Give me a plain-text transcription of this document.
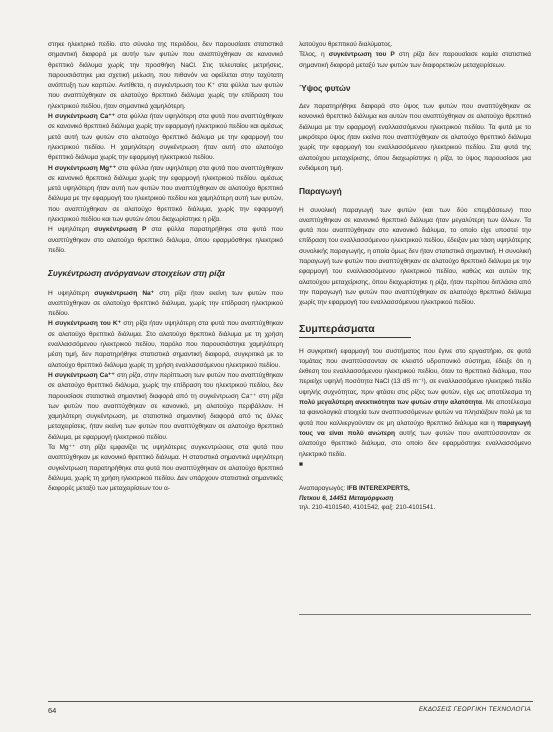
στηκε ηλεκτρικό πεδίο. στο σύνολο της περιόδου, δεν παρουσίασε στατιστικά σημαντική διαφορά με αυτήν των φυτών που αναπτύχθηκαν σε κανονικό θρεπτικό διάλυμα χωρίς την προσθήκη NaCl. Στις τελευταίες μετρήσεις, παρουσιάστηκε μια σχετική μείωση, που πιθανόν να οφείλεται στην ταχύτατη ανάπτυξη των καρπών. Αντίθετα, η συγκέντρωση του K⁺ στα φύλλα των φυτών που αναπτύχθηκαν σε αλατούχο θρεπτικό διάλυμα χωρίς την επίδραση του ηλεκτρικού πεδίου, ήταν σημαντικά χαμηλότερη.

Η συγκέντρωση Ca⁺⁺ στα φύλλα ήταν υψηλότερη στα φυτά που αναπτύχθηκαν σε κανονικό θρεπτικό διάλυμα χωρίς την εφαρμογή ηλεκτρικού πεδίου και αμέσως μετά αυτή των φυτών στο αλατούχο θρεπτικό διάλυμα με την εφαρμογή του ηλεκτρικού πεδίου. Η χαμηλότερη συγκέντρωση ήταν αυτή στο αλατούχο θρεπτικό διάλυμα χωρίς την εφαρμογή ηλεκτρικού πεδίου.

Η συγκέντρωση Mg⁺⁺ στα φύλλα ήταν υψηλότερη στα φυτά που αναπτύχθηκαν σε κανονικό θρεπτικό διάλυμα χωρίς την εφαρμογή ηλεκτρικού πεδίου. αμέσως μετά υψηλότερη ήταν αυτή των φυτών που αναπτύχθηκαν σε αλατούχο θρεπτικό διάλυμα με την εφαρμογή του ηλεκτρικού πεδίου και χαμηλότερη αυτή των φυτών, που αναπτύχθηκαν σε αλατούχο θρεπτικό διάλυμα, χωρίς την εφαρμογή ηλεκτρικού πεδίου και των φυτών όπου διαχωρίστηκε η ρίζα.

Η υψηλότερη συγκέντρωση P στα φύλλα παρατηρήθηκε στα φυτά που αναπτύχθηκαν στο αλατούχο θρεπτικό διάλυμα, όπου εφαρμόσθηκε ηλεκτρικό πεδίο.

Συγκέντρωση ανόργανων στοιχείων στη ρίζα

Η υψηλότερη συγκέντρωση Na⁺ στη ρίζα ήταν εκείνη των φυτών που αναπτύχθηκαν σε αλατούχο θρεπτικό διάλυμα, χωρίς την επίδραση ηλεκτρικού πεδίου.

Η συγκέντρωση του K⁺ στη ρίζα ήταν υψηλότερη στα φυτά που αναπτύχθηκαν σε αλατούχο θρεπτικό διάλυμα. Στο αλατούχο θρεπτικό διάλυμα με τη χρήση εναλλασσόμενου ηλεκτρικού πεδίου, παρόλο που παρουσιάστηκε χαμηλότερη μέση τιμή, δεν παρατηρήθηκε στατιστικά σημαντική διαφορά, συγκριτικά με το αλατούχο θρεπτικό διάλυμα χωρίς τη χρήση εναλλασσόμενου ηλεκτρικού πεδίου.

Η συγκέντρωση Ca⁺⁺ στη ρίζα, στην περίπτωση των φυτών που αναπτύχθηκαν σε αλατούχο θρεπτικό διάλυμα, χωρίς την επίδραση του ηλεκτρικού πεδίου, δεν παρουσίασε στατιστικά σημαντική διαφορά από τη συγκέντρωση Ca⁺⁺ στη ρίζα των φυτών που αναπτύχθηκαν σε κανονικό, μη αλατούχο περιβάλλον. Η χαμηλότερη συγκέντρωση, με στατιστικά σημαντική διαφορά από τις άλλες μεταχειρίσεις, ήταν εκείνη των φυτών που αναπτύχθηκαν σε αλατούχο θρεπτικό διάλυμα, με εφαρμογή ηλεκτρικού πεδίου.

Τα Mg⁺⁺ στη ρίζα εμφανίζει τις υψηλότερες συγκεντρώσεις στα φυτά που αναπτύχθηκαν με κανονικό θρεπτικό διάλυμα. Η στατιστικά σημαντικά υψηλότερη συγκέντρωση παρατηρήθηκε στα φυτά που αναπτύχθηκαν σε αλατούχο θρεπτικό διάλυμα, χωρίς τη χρήση ηλεκτρικού πεδίου. Δεν υπάρχουν στατιστικά σημαντικές διαφορές μεταξύ των μεταχειρίσεων του α-

λατούχου θρεπτικού διαλύματος.

Τέλος, η συγκέντρωση του P στη ρίζα δεν παρουσίασε καμία στατιστικά σημαντική διαφορά μεταξύ των φυτών των διαφορετικών μεταχειρίσεων.

Ύψος φυτών

Δεν παρατηρήθηκε διαφορά στο ύψος των φυτών που αναπτύχθηκαν σε κανονικό θρεπτικό διάλυμα και αυτών που αναπτύχθηκαν σε αλατούχο θρεπτικό διάλυμα με την εφαρμογή εναλλασσόμενου ηλεκτρικού πεδίου. Τα φυτά με το μικρότερο ύψος ήταν εκείνα που αναπτύχθηκαν σε αλατούχο θρεπτικό διάλυμα χωρίς την εφαρμογή του εναλλασσόμενου ηλεκτρικού πεδίου. Στα φυτά της αλατούχου μεταχείρισης, όπου διαχωρίστηκε η ρίζα, το ύψος παρουσίασε μια ενδιάμεση τιμή.

Παραγωγή

Η συνολική παραγωγή των φυτών (και των δύο επεμβάσεων) που αναπτύχθηκαν σε κανονικό θρεπτικό διάλυμα ήταν μεγαλύτερη των άλλων. Τα φυτά που αναπτύχθηκαν στο κανονικό διάλυμα, το οποίο είχε υποστεί την επίδραση του εναλλασσόμενου ηλεκτρικού πεδίου, έδειξαν μια τάση υψηλότερης συνολικής παραγωγής, η οποία όμως δεν ήταν στατιστικά σημαντική. Η συνολική παραγωγή των φυτών που αναπτύχθηκαν σε αλατούχο θρεπτικό διάλυμα με την εφαρμογή του εναλλασσόμενου ηλεκτρικού πεδίου, καθώς και αυτών της αλατούχου μεταχείρισης, όπου διαχωρίστηκε η ρίζα, ήταν περίπου διπλάσια από την παραγωγή των φυτών που αναπτύχθηκαν σε αλατούχο θρεπτικό διάλυμα χωρίς την εφαρμογή του εναλλασσόμενου ηλεκτρικού πεδίου.

Συμπεράσματα

Η συγκριτική εφαρμογή του συστήματος που έγινε στο εργαστήριο, σε φυτά τομάτας που αναπτύσσονταν σε κλειστό υδροπονικό σύστημα, έδειξε ότι η έκθεση του εναλλασσόμενου ηλεκτρικού πεδίου, όταν το θρεπτικό διάλυμα, που περιείχε υψηλή ποσότητα NaCl (13 dS m⁻¹), σε εναλλασσόμενο ηλεκτρικό πεδίο υψηλής συχνότητας, πριν φτάσει στις ρίζες των φυτών, είχε ως αποτέλεσμα τη πολύ μεγαλύτερη ανεκτικότητα των φυτών στην αλατότητα. Με αποτέλεσμα τα φαινολογικά στοιχεία των αναπτυσσόμενων φυτών να πλησιάζουν πολύ με τα φυτά που καλλιεργούνταν σε μη αλατούχο θρεπτικό διάλυμα και η παραγωγή τους να είναι πολύ ανώτερη αυτής των φυτών που αναπτύσσονταν σε αλατούχο θρεπτικό διάλυμα, στο οποίο δεν εφαρμόστηκε εναλλασσόμενο ηλεκτρικό πεδίο.

■

Αναπαραγωγός: IFB INTEREXPERTS,
Πετκου 6, 14451 Μεταμόρφωση
τηλ. 210-4101540, 4101542, φαξ: 210-4101541.
64	ΕΚΔΟΣΕΙΣ ΓΕΩΡΓΙΚΗ ΤΕΧΝΟΛΟΓΙΑ
